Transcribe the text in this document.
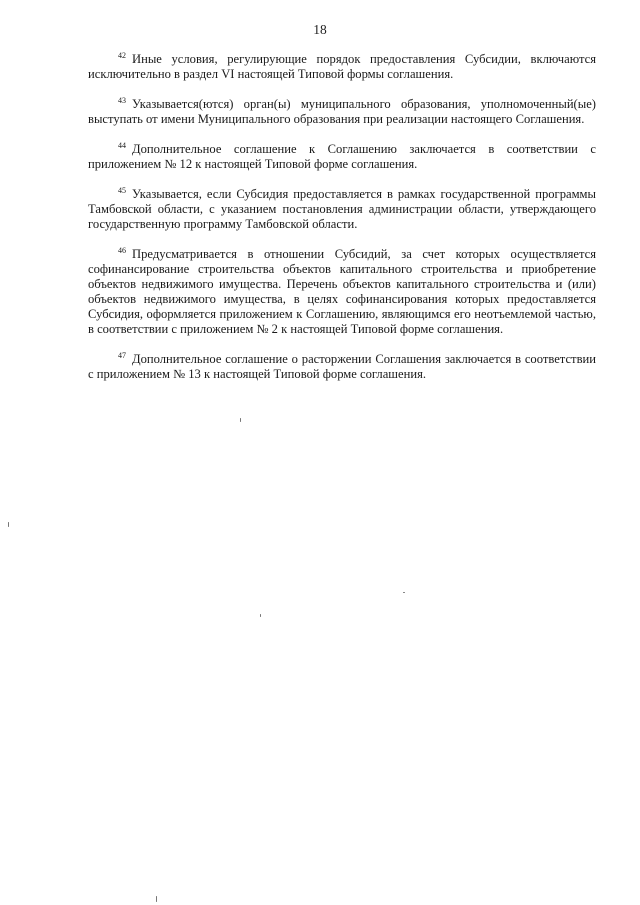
18

$^{42}$ Иные условия, регулирующие порядок предоставления Субсидии, включаются исключительно в раздел VI настоящей Типовой формы соглашения.

$^{43}$ Указывается(ются) орган(ы) муниципального образования, уполномоченный(ые) выступать от имени Муниципального образования при реализации настоящего Соглашения.

$^{44}$ Дополнительное соглашение к Соглашению заключается в соответствии с приложением № 12 к настоящей Типовой форме соглашения.

$^{45}$ Указывается, если Субсидия предоставляется в рамках государственной программы Тамбовской области, с указанием постановления администрации области, утверждающего государственную программу Тамбовской области.

$^{46}$ Предусматривается в отношении Субсидий, за счет которых осуществляется софинансирование строительства объектов капитального строительства и приобретение объектов недвижимого имущества. Перечень объектов капитального строительства и (или) объектов недвижимого имущества, в целях софинансирования которых предоставляется Субсидия, оформляется приложением к Соглашению, являющимся его неотъемлемой частью, в соответствии с приложением № 2 к настоящей Типовой форме соглашения.

$^{47}$ Дополнительное соглашение о расторжении Соглашения заключается в соответствии с приложением № 13 к настоящей Типовой форме соглашения.
